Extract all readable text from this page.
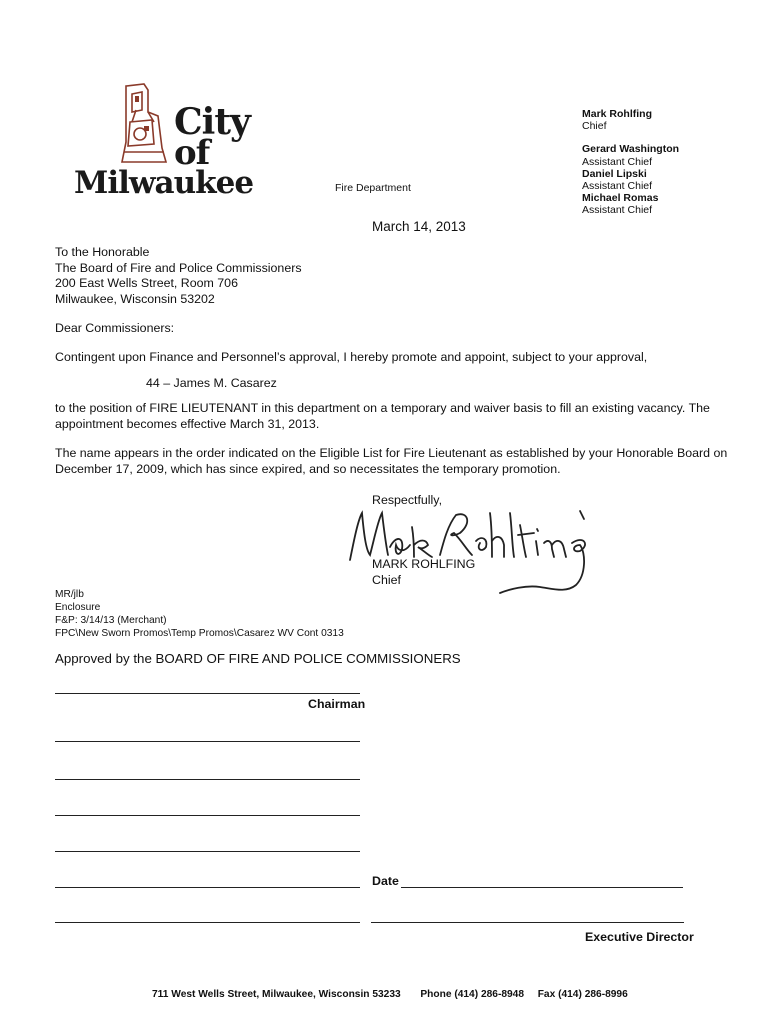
City
of
Milwaukee	Fire Department
Mark Rohlfing
Chief
Gerard Washington
Assistant Chief
Daniel Lipski
Assistant Chief
Michael Romas
Assistant Chief
March 14, 2013
To the Honorable
The Board of Fire and Police Commissioners
200 East Wells Street, Room 706
Milwaukee, Wisconsin 53202
Dear Commissioners:
Contingent upon Finance and Personnel’s approval, I hereby promote and appoint, subject to your approval,
44 – James M. Casarez
to the position of FIRE LIEUTENANT in this department on a temporary and waiver basis to fill an existing vacancy. The
appointment becomes effective March 31, 2013.
The name appears in the order indicated on the Eligible List for Fire Lieutenant as established by your Honorable Board on
December 17, 2009, which has since expired, and so necessitates the temporary promotion.
Respectfully,
MARK ROHLFING
Chief
MR/jlb
Enclosure
F&P: 3/14/13 (Merchant)
FPC\New Sworn Promos\Temp Promos\Casarez WV Cont 0313
Approved by the BOARD OF FIRE AND POLICE COMMISSIONERS
Chairman
Date
Executive Director
711 West Wells Street, Milwaukee, Wisconsin 53233 Phone (414) 286-8948 Fax (414) 286-8996
